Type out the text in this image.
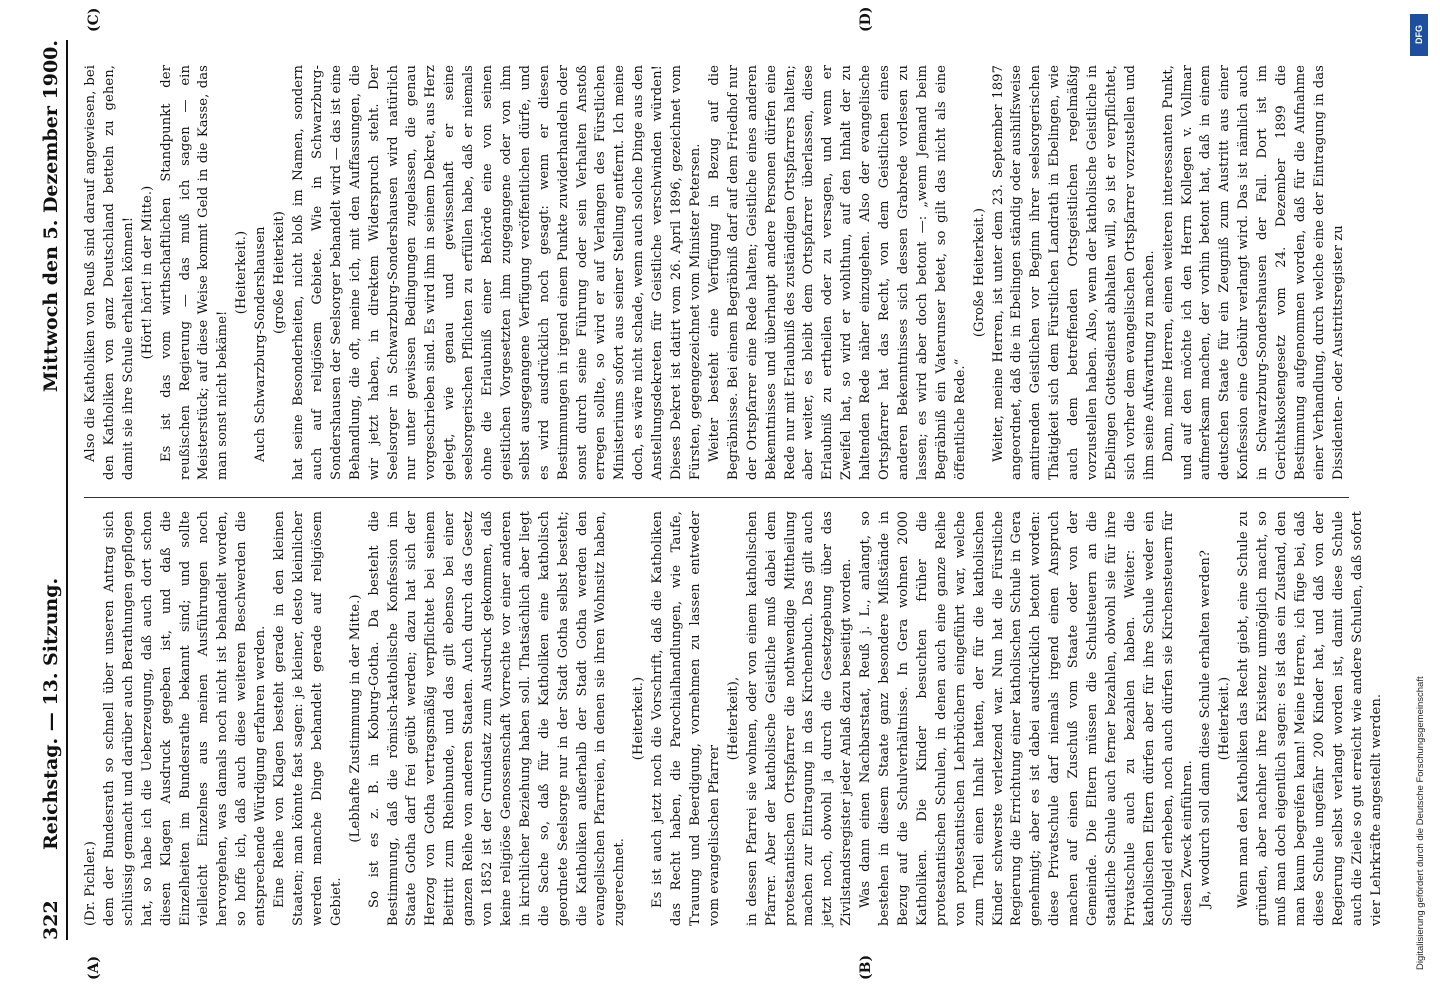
322
Reichstag. — 13. Sitzung.
Mittwoch den 5. Dezember 1900.
(A)	(B)
(C)	(D)

(Dr. Pichler.) dem der Bundesrath so schnell über unseren Antrag sich schlüssig gemacht und darüber auch Berathungen gepflogen hat, so habe ich die Ueberzeugung, daß auch dort schon diesen Klagen Ausdruck gegeben ist, und daß die Einzelheiten im Bundesrathe bekannt sind; und sollte vielleicht Einzelnes aus meinen Ausführungen noch hervorgehen, was damals noch nicht ist behandelt worden, so hoffe ich, daß auch diese weiteren Beschwerden die entsprechende Würdigung erfahren werden. Eine Reihe von Klagen besteht gerade in den kleinen Staaten; man könnte fast sagen: je kleiner, desto kleinlicher werden manche Dinge behandelt gerade auf religiösem Gebiet.

(Lebhafte Zustimmung in der Mitte.) So ist es z. B. in Koburg-Gotha. Da besteht die Bestimmung, daß die römisch-katholische Konfession im Staate Gotha darf frei geübt werden; dazu hat sich der Herzog von Gotha vertragsmäßig verpflichtet bei seinem Beitritt zum Rheinbunde, und das gilt ebenso bei einer ganzen Reihe von anderen Staaten. Auch durch das Gesetz von 1852 ist der Grundsatz zum Ausdruck gekommen, daß keine religiöse Genossenschaft Vorrechte vor einer anderen in kirchlicher Beziehung haben soll. Thatsächlich aber liegt die Sache so, daß für die Katholiken eine katholisch geordnete Seelsorge nur in der Stadt Gotha selbst besteht; die Katholiken außerhalb der Stadt Gotha werden den evangelischen Pfarreien, in denen sie ihren Wohnsitz haben, zugerechnet.

(Heiterkeit.) Es ist auch jetzt noch die Vorschrift, daß die Katholiken das Recht haben, die Parochialhandlungen, wie Taufe, Trauung und Beerdigung, vornehmen zu lassen entweder vom evangelischen Pfarrer

(Heiterkeit), in dessen Pfarrei sie wohnen, oder von einem katholischen Pfarrer. Aber der katholische Geistliche muß dabei dem protestantischen Ortspfarrer die nothwendige Mittheilung machen zur Eintragung in das Kirchenbuch. Das gilt auch jetzt noch, obwohl ja durch die Gesetzgebung über das Zivilstandsregister jeder Anlaß dazu beseitigt worden. Was dann einen Nachbarstaat, Reuß j. L., anlangt, so bestehen in diesem Staate ganz besondere Mißstände in Bezug auf die Schulverhältnisse. In Gera wohnen 2000 Katholiken. Die Kinder besuchten früher die protestantischen Schulen, in denen auch eine ganze Reihe von protestantischen Lehrbüchern eingeführt war, welche zum Theil einen Inhalt hatten, der für die katholischen Kinder schwerste verletzend war. Nun hat die Fürstliche Regierung die Errichtung einer katholischen Schule in Gera genehmigt; aber es ist dabei ausdrücklich betont worden: diese Privatschule darf niemals irgend einen Anspruch machen auf einen Zuschuß vom Staate oder von der Gemeinde. Die Eltern müssen die Schulsteuern an die staatliche Schule auch ferner bezahlen, obwohl sie für ihre Privatschule auch zu bezahlen haben. Weiter: die katholischen Eltern dürfen aber für ihre Schule weder ein Schulgeld erheben, noch auch dürfen sie Kirchensteuern für diesen Zweck einführen. Ja, wodurch soll dann diese Schule erhalten werden? (Heiterkeit.) Wenn man den Katholiken das Recht giebt, eine Schule zu gründen, aber nachher ihre Existenz unmöglich macht, so muß man doch eigentlich sagen: es ist das ein Zustand, den man kaum begreifen kann! Meine Herren, ich füge bei, daß diese Schule ungefähr 200 Kinder hat, und daß von der Regierung selbst verlangt worden ist, damit diese Schule auch die Ziele so gut erreicht wie andere Schulen, daß sofort vier Lehrkräfte angestellt werden.

Also die Katholiken von Reuß sind darauf angewiesen, bei den Katholiken von ganz Deutschland betteln zu gehen, damit sie ihre Schule erhalten können! (Hört! hört! in der Mitte.) Es ist das vom wirthschaftlichen Standpunkt der reußischen Regierung — das muß ich sagen — ein Meisterstück; auf diese Weise kommt Geld in die Kasse, das man sonst nicht bekäme!

(Heiterkeit.) Auch Schwarzburg-Sondershausen (große Heiterkeit) hat seine Besonderheiten, nicht bloß im Namen, sondern auch auf religiösem Gebiete. Wie in Schwarzburg-Sondershausen der Seelsorger behandelt wird — das ist eine Behandlung, die oft, meine ich, mit den Auffassungen, die wir jetzt haben, in direktem Widerspruch steht. Der Seelsorger in Schwarzburg-Sondershausen wird natürlich nur unter gewissen Bedingungen zugelassen, die genau vorgeschrieben sind. Es wird ihm in seinem Dekret, aus Herz gelegt, wie genau und gewissenhaft er seine seelsorgerischen Pflichten zu erfüllen habe, daß er niemals ohne die Erlaubniß einer Behörde eine von seinen geistlichen Vorgesetzten ihm zugegangene oder von ihm selbst ausgegangene Verfügung veröffentlichen dürfe, und es wird ausdrücklich noch gesagt: wenn er diesen Bestimmungen in irgend einem Punkte zuwiderhandeln oder sonst durch seine Führung oder sein Verhalten Anstoß erregen sollte, so wird er auf Verlangen des Fürstlichen Ministeriums sofort aus seiner Stellung entfernt. Ich meine doch, es wäre nicht schade, wenn auch solche Dinge aus den Anstellungsdekreten für Geistliche verschwinden würden! Dieses Dekret ist datirt vom 26. April 1896, gezeichnet vom Fürsten, gegengezeichnet vom Minister Petersen. Weiter besteht eine Verfügung in Bezug auf die Begräbnisse. Bei einem Begräbniß darf auf dem Friedhof nur der Ortspfarrer eine Rede halten; Geistliche eines anderen Bekenntnisses und überhaupt andere Personen dürfen eine Rede nur mit Erlaubniß des zuständigen Ortspfarrers halten; aber weiter, es bleibt dem Ortspfarrer überlassen, diese Erlaubniß zu ertheilen oder zu versagen, und wenn er Zweifel hat, so wird er wohlthun, auf den Inhalt der zu haltenden Rede näher einzugehen. Also der evangelische Ortspfarrer hat das Recht, von dem Geistlichen eines anderen Bekenntnisses sich dessen Grabrede vorlesen zu lassen; es wird aber doch betont —: „wenn Jemand beim Begräbniß ein Vaterunser betet, so gilt das nicht als eine öffentliche Rede.“

(Große Heiterkeit.) Weiter, meine Herren, ist unter dem 23. September 1897 angeordnet, daß die in Ebelingen ständig oder aushilfsweise amtirenden Geistlichen vor Beginn ihrer seelsorgerischen Thätigkeit sich dem Fürstlichen Landrath in Ebelingen, wie auch dem betreffenden Ortsgeistlichen regelmäßig vorzustellen haben. Also, wenn der katholische Geistliche in Ebelingen Gottesdienst abhalten will, so ist er verpflichtet, sich vorher dem evangelischen Ortspfarrer vorzustellen und ihm seine Aufwartung zu machen. Dann, meine Herren, einen weiteren interessanten Punkt, und auf den möchte ich den Herrn Kollegen v. Vollmar aufmerksam machen, der vorhin betont hat, daß in einem deutschen Staate für ein Zeugniß zum Austritt aus einer Konfession eine Gebühr verlangt wird. Das ist nämlich auch in Schwarzburg-Sondershausen der Fall. Dort ist im Gerichtskostengesetz vom 24. Dezember 1899 die Bestimmung aufgenommen worden, daß für die Aufnahme einer Verhandlung, durch welche eine der Eintragung in das Dissidenten- oder Austrittsregister zu

Digitalisierung gefördert durch die Deutsche Forschungsgemeinschaft
DFG
